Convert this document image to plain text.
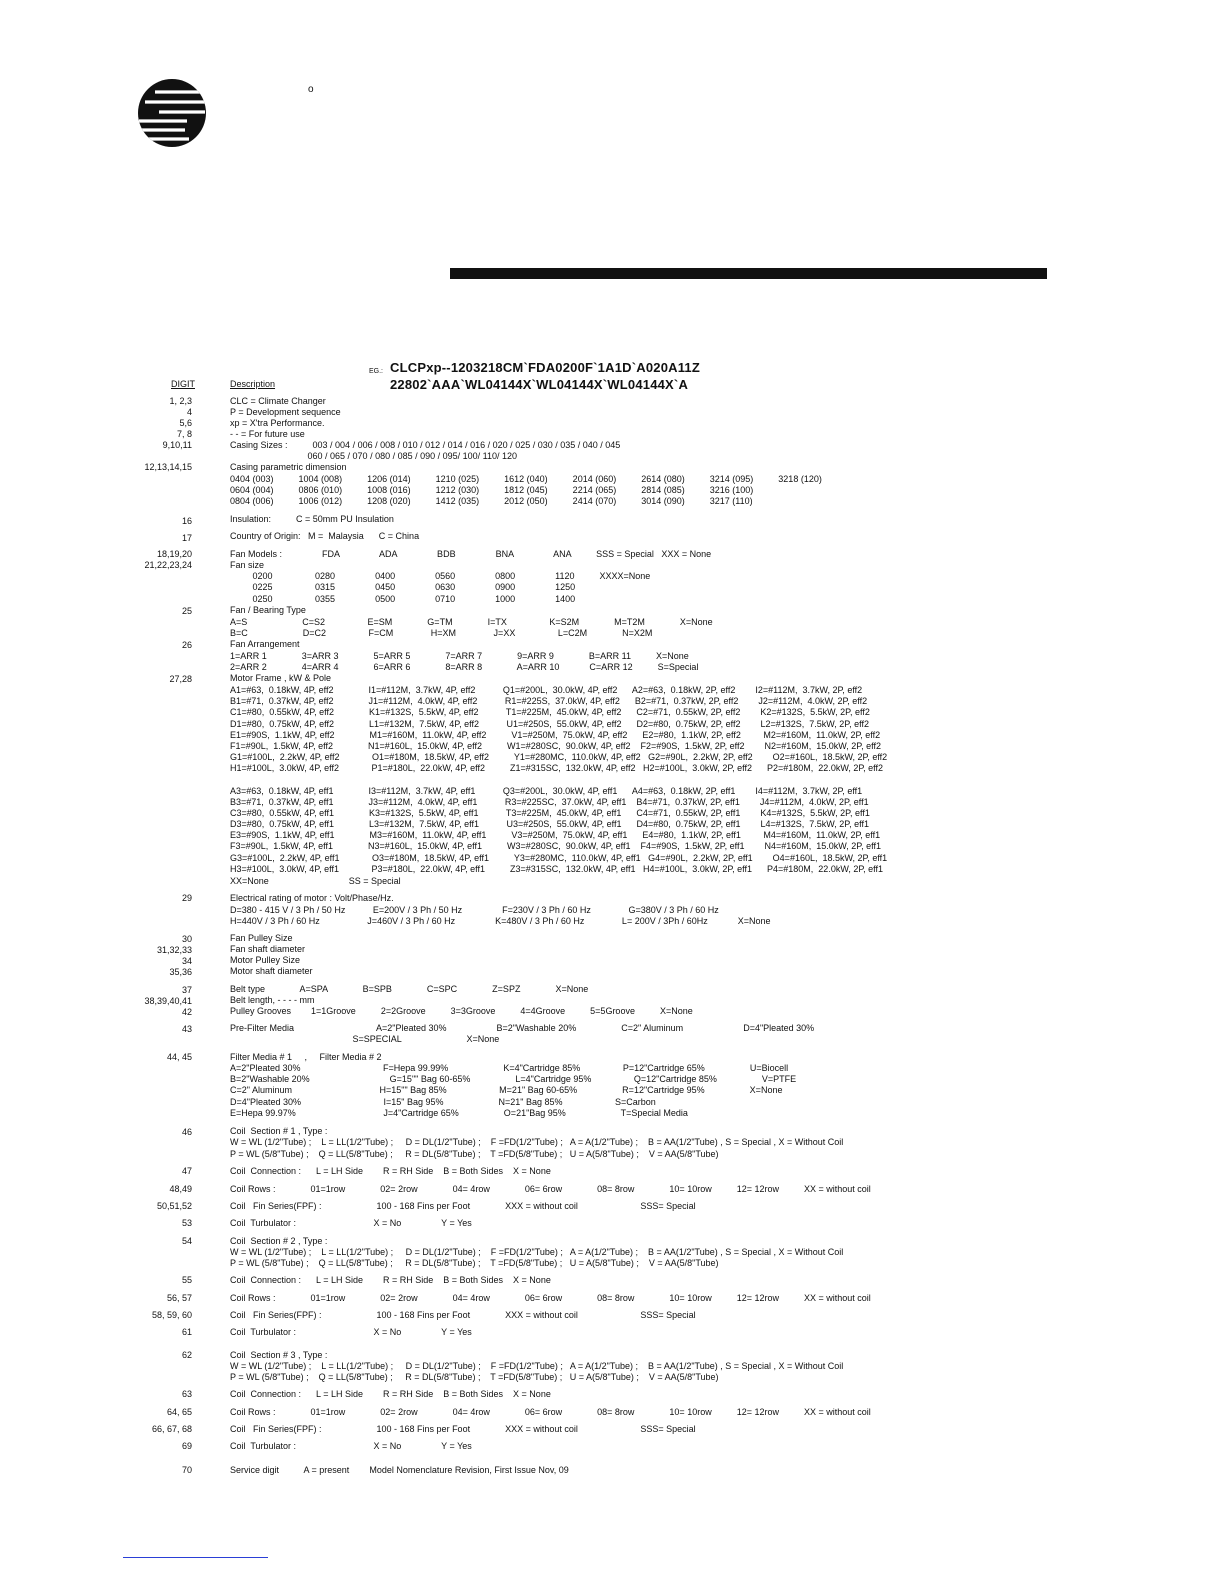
o
EG.: CLCPxp--1203218CM`FDA0200F`1A1D`A020A11Z
22802`AAA`WL04144X`WL04144X`WL04144X`A
DIGIT	Description
1, 2,3
4
5,6
7, 8
9,10,11
12,13,14,15
16
17
18,19,20
21,22,23,24
25
26
27,28
29
30
31,32,33
34
35,36
37
38,39,40,41
42
43
44, 45
46
47
48,49
50,51,52
53
54
55
56, 57
58, 59, 60
61
62
63
64, 65
66, 67, 68
69
70
CLC = Climate Changer
P = Development sequence
xp = X'tra Performance.
- - = For future use
Casing Sizes :          003 / 004 / 006 / 008 / 010 / 012 / 014 / 016 / 020 / 025 / 030 / 035 / 040 / 045
060 / 065 / 070 / 080 / 085 / 090 / 095/ 100/ 110/ 120
Casing parametric dimension
0404 (003)          1004 (008)          1206 (014)          1210 (025)          1612 (040)          2014 (060)          2614 (080)          3214 (095)          3218 (120)
0604 (004)          0806 (010)          1008 (016)          1212 (030)          1812 (045)          2214 (065)          2814 (085)          3216 (100)
0804 (006)          1006 (012)          1208 (020)          1412 (035)          2012 (050)          2414 (070)          3014 (090)          3217 (110)
Insulation:          C = 50mm PU Insulation
Country of Origin:   M =  Malaysia      C = China
Fan Models :                FDA                ADA                BDB                BNA                ANA          SSS = Special   XXX = None
Fan size
0200                 0280                0400                0560                0800                1120          XXXX=None
0225                 0315                0450                0630                0900                1250
0250                 0355                0500                0710                1000                1400
Fan / Bearing Type
A=S                      C=S2                 E=SM              G=TM              I=TX                 K=S2M              M=T2M              X=None
B=C                      D=C2                 F=CM               H=XM               J=XX                 L=C2M              N=X2M
Fan Arrangement
1=ARR 1              3=ARR 3              5=ARR 5              7=ARR 7              9=ARR 9              B=ARR 11          X=None
2=ARR 2              4=ARR 4              6=ARR 6              8=ARR 8              A=ARR 10            C=ARR 12          S=Special
Motor Frame , kW & Pole
A1=#63,  0.18kW, 4P, eff2              I1=#112M,  3.7kW, 4P, eff2           Q1=#200L,  30.0kW, 4P, eff2      A2=#63,  0.18kW, 2P, eff2        I2=#112M,  3.7kW, 2P, eff2
B1=#71,  0.37kW, 4P, eff2              J1=#112M,  4.0kW, 4P, eff2           R1=#225S,  37.0kW, 4P, eff2      B2=#71,  0.37kW, 2P, eff2        J2=#112M,  4.0kW, 2P, eff2
C1=#80,  0.55kW, 4P, eff2              K1=#132S,  5.5kW, 4P, eff2           T1=#225M,  45.0kW, 4P, eff2      C2=#71,  0.55kW, 2P, eff2        K2=#132S,  5.5kW, 2P, eff2
D1=#80,  0.75kW, 4P, eff2              L1=#132M,  7.5kW, 4P, eff2           U1=#250S,  55.0kW, 4P, eff2      D2=#80,  0.75kW, 2P, eff2        L2=#132S,  7.5kW, 2P, eff2
E1=#90S,  1.1kW, 4P, eff2              M1=#160M,  11.0kW, 4P, eff2          V1=#250M,  75.0kW, 4P, eff2      E2=#80,  1.1kW, 2P, eff2         M2=#160M,  11.0kW, 2P, eff2
F1=#90L,  1.5kW, 4P, eff2              N1=#160L,  15.0kW, 4P, eff2          W1=#280SC,  90.0kW, 4P, eff2    F2=#90S,  1.5kW, 2P, eff2        N2=#160M,  15.0kW, 2P, eff2
G1=#100L,  2.2kW, 4P, eff2             O1=#180M,  18.5kW, 4P, eff2          Y1=#280MC,  110.0kW, 4P, eff2   G2=#90L,  2.2kW, 2P, eff2        O2=#160L,  18.5kW, 2P, eff2
H1=#100L,  3.0kW, 4P, eff2             P1=#180L,  22.0kW, 4P, eff2          Z1=#315SC,  132.0kW, 4P, eff2   H2=#100L,  3.0kW, 2P, eff2      P2=#180M,  22.0kW, 2P, eff2
A3=#63,  0.18kW, 4P, eff1              I3=#112M,  3.7kW, 4P, eff1           Q3=#200L,  30.0kW, 4P, eff1      A4=#63,  0.18kW, 2P, eff1        I4=#112M,  3.7kW, 2P, eff1
B3=#71,  0.37kW, 4P, eff1              J3=#112M,  4.0kW, 4P, eff1           R3=#225SC,  37.0kW, 4P, eff1    B4=#71,  0.37kW, 2P, eff1        J4=#112M,  4.0kW, 2P, eff1
C3=#80,  0.55kW, 4P, eff1              K3=#132S,  5.5kW, 4P, eff1           T3=#225M,  45.0kW, 4P, eff1      C4=#71,  0.55kW, 2P, eff1        K4=#132S,  5.5kW, 2P, eff1
D3=#80,  0.75kW, 4P, eff1              L3=#132M,  7.5kW, 4P, eff1           U3=#250S,  55.0kW, 4P, eff1      D4=#80,  0.75kW, 2P, eff1        L4=#132S,  7.5kW, 2P, eff1
E3=#90S,  1.1kW, 4P, eff1              M3=#160M,  11.0kW, 4P, eff1          V3=#250M,  75.0kW, 4P, eff1      E4=#80,  1.1kW, 2P, eff1         M4=#160M,  11.0kW, 2P, eff1
F3=#90L,  1.5kW, 4P, eff1              N3=#160L,  15.0kW, 4P, eff1          W3=#280SC,  90.0kW, 4P, eff1    F4=#90S,  1.5kW, 2P, eff1        N4=#160M,  15.0kW, 2P, eff1
G3=#100L,  2.2kW, 4P, eff1             O3=#180M,  18.5kW, 4P, eff1          Y3=#280MC,  110.0kW, 4P, eff1   G4=#90L,  2.2kW, 2P, eff1        O4=#160L,  18.5kW, 2P, eff1
H3=#100L,  3.0kW, 4P, eff1             P3=#180L,  22.0kW, 4P, eff1          Z3=#315SC,  132.0kW, 4P, eff1   H4=#100L,  3.0kW, 2P, eff1      P4=#180M,  22.0kW, 2P, eff1
XX=None                                SS = Special
Electrical rating of motor : Volt/Phase/Hz.
D=380 - 415 V / 3 Ph / 50 Hz           E=200V / 3 Ph / 50 Hz                F=230V / 3 Ph / 60 Hz               G=380V / 3 Ph / 60 Hz
H=440V / 3 Ph / 60 Hz                   J=460V / 3 Ph / 60 Hz                K=480V / 3 Ph / 60 Hz               L= 200V / 3Ph / 60Hz            X=None
Fan Pulley Size
Fan shaft diameter
Motor Pulley Size
Motor shaft diameter
Belt type              A=SPA              B=SPB              C=SPC              Z=SPZ              X=None
Belt length, - - - - mm
Pulley Grooves        1=1Groove          2=2Groove          3=3Groove          4=4Groove          5=5Groove          X=None
Pre-Filter Media                                 A=2"Pleated 30%                    B=2"Washable 20%                  C=2" Aluminum                        D=4"Pleated 30%
S=SPECIAL                          X=None
Filter Media # 1     ,     Filter Media # 2
A=2"Pleated 30%                                 F=Hepa 99.99%                      K=4"Cartridge 85%                 P=12"Cartridge 65%                  U=Biocell
B=2"Washable 20%                                G=15"" Bag 60-65%                  L=4"Cartridge 95%                 Q=12"Cartridge 85%                  V=PTFE
C=2" Aluminum                                   H=15"" Bag 85%                     M=21" Bag 60-65%                  R=12"Cartridge 95%                  X=None
D=4"Pleated 30%                                 I=15" Bag 95%                      N=21" Bag 85%                     S=Carbon
E=Hepa 99.97%                                   J=4"Cartridge 65%                  O=21"Bag 95%                      T=Special Media
Coil  Section # 1 , Type :
W = WL (1/2"Tube) ;    L = LL(1/2"Tube) ;     D = DL(1/2"Tube) ;    F =FD(1/2"Tube) ;   A = A(1/2"Tube) ;    B = AA(1/2"Tube) , S = Special , X = Without Coil
P = WL (5/8"Tube) ;    Q = LL(5/8"Tube) ;     R = DL(5/8"Tube) ;    T =FD(5/8"Tube) ;   U = A(5/8"Tube) ;    V = AA(5/8"Tube)
Coil  Connection :      L = LH Side        R = RH Side    B = Both Sides    X = None
Coil Rows :              01=1row              02= 2row              04= 4row              06= 6row              08= 8row              10= 10row          12= 12row          XX = without coil
Coil   Fin Series(FPF) :                      100 - 168 Fins per Foot              XXX = without coil                         SSS= Special
Coil  Turbulator :                               X = No                Y = Yes
Coil  Section # 2 , Type :
W = WL (1/2"Tube) ;    L = LL(1/2"Tube) ;     D = DL(1/2"Tube) ;    F =FD(1/2"Tube) ;   A = A(1/2"Tube) ;    B = AA(1/2"Tube) , S = Special , X = Without Coil
P = WL (5/8"Tube) ;    Q = LL(5/8"Tube) ;     R = DL(5/8"Tube) ;    T =FD(5/8"Tube) ;   U = A(5/8"Tube) ;    V = AA(5/8"Tube)
Coil  Connection :      L = LH Side        R = RH Side    B = Both Sides    X = None
Coil Rows :              01=1row              02= 2row              04= 4row              06= 6row              08= 8row              10= 10row          12= 12row          XX = without coil
Coil   Fin Series(FPF) :                      100 - 168 Fins per Foot              XXX = without coil                         SSS= Special
Coil  Turbulator :                               X = No                Y = Yes
Coil  Section # 3 , Type :
W = WL (1/2"Tube) ;    L = LL(1/2"Tube) ;     D = DL(1/2"Tube) ;    F =FD(1/2"Tube) ;   A = A(1/2"Tube) ;    B = AA(1/2"Tube) , S = Special , X = Without Coil
P = WL (5/8"Tube) ;    Q = LL(5/8"Tube) ;     R = DL(5/8"Tube) ;    T =FD(5/8"Tube) ;   U = A(5/8"Tube) ;    V = AA(5/8"Tube)
Coil  Connection :      L = LH Side        R = RH Side    B = Both Sides    X = None
Coil Rows :              01=1row              02= 2row              04= 4row              06= 6row              08= 8row              10= 10row          12= 12row          XX = without coil
Coil   Fin Series(FPF) :                      100 - 168 Fins per Foot              XXX = without coil                         SSS= Special
Coil  Turbulator :                               X = No                Y = Yes
Service digit          A = present        Model Nomenclature Revision, First Issue Nov, 09
